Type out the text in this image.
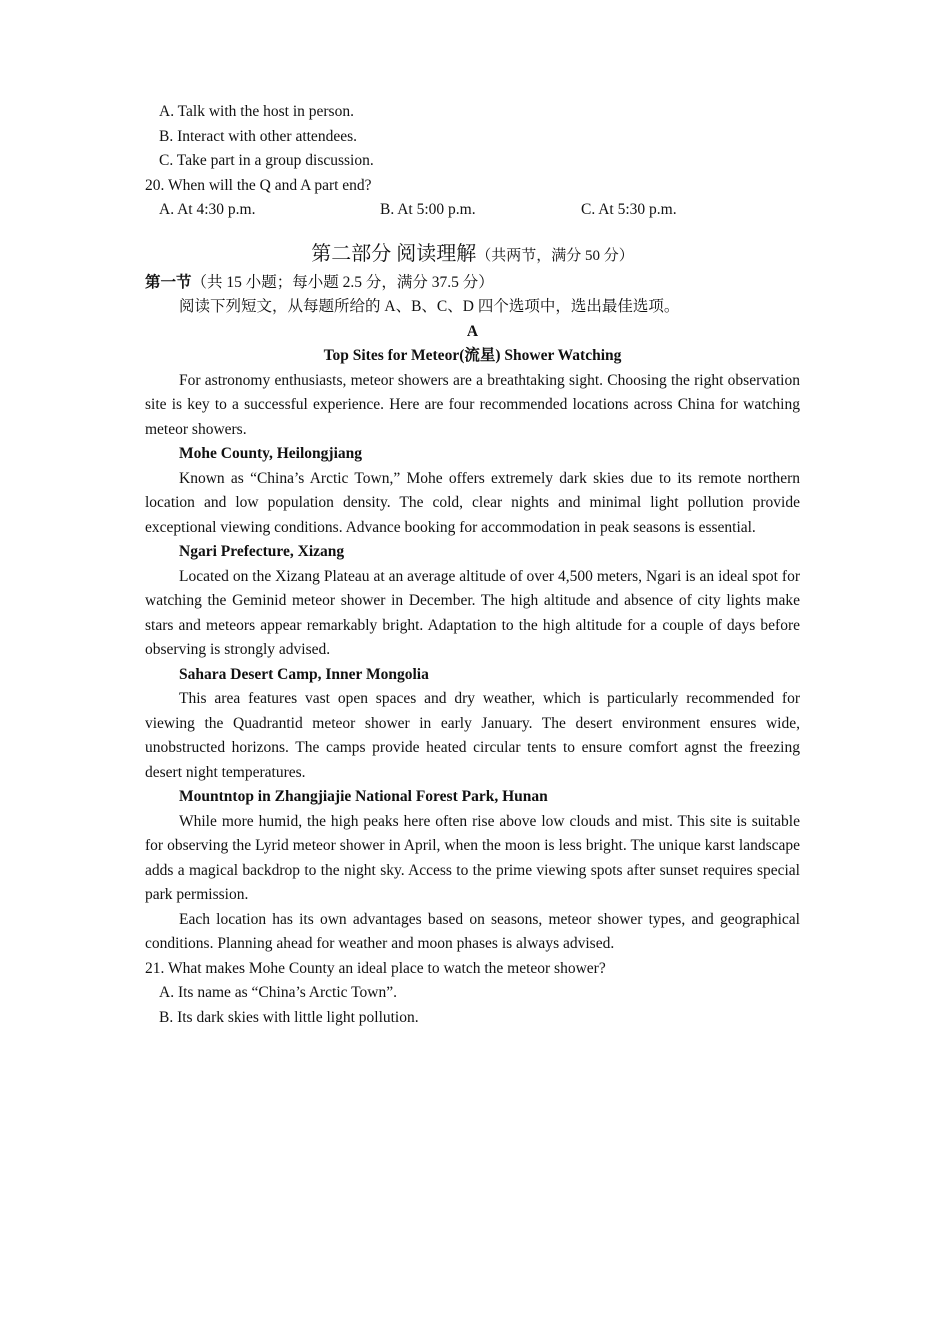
A. Talk with the host in person.
B. Interact with other attendees.
C. Take part in a group discussion.
20. When will the Q and A part end?
A. At 4:30 p.m.	B. At 5:00 p.m.	C. At 5:30 p.m.
第二部分 阅读理解（共两节，满分 50 分）
第一节（共 15 小题；每小题 2.5 分，满分 37.5 分）
阅读下列短文，从每题所给的 A、B、C、D 四个选项中，选出最佳选项。
A
Top Sites for Meteor(流星) Shower Watching
For astronomy enthusiasts, meteor showers are a breathtaking sight. Choosing the right observation site is key to a successful experience. Here are four recommended locations across China for watching meteor showers.
Mohe County, Heilongjiang
Known as “China’s Arctic Town,” Mohe offers extremely dark skies due to its remote northern location and low population density. The cold, clear nights and minimal light pollution provide exceptional viewing conditions. Advance booking for accommodation in peak seasons is essential.
Ngari Prefecture, Xizang
Located on the Xizang Plateau at an average altitude of over 4,500 meters, Ngari is an ideal spot for watching the Geminid meteor shower in December. The high altitude and absence of city lights make stars and meteors appear remarkably bright. Adaptation to the high altitude for a couple of days before observing is strongly advised.
Sahara Desert Camp, Inner Mongolia
This area features vast open spaces and dry weather, which is particularly recommended for viewing the Quadrantid meteor shower in early January. The desert environment ensures wide, unobstructed horizons. The camps provide heated circular tents to ensure comfort agnst the freezing desert night temperatures.
Mountntop in Zhangjiajie National Forest Park, Hunan
While more humid, the high peaks here often rise above low clouds and mist. This site is suitable for observing the Lyrid meteor shower in April, when the moon is less bright. The unique karst landscape adds a magical backdrop to the night sky. Access to the prime viewing spots after sunset requires special park permission.
Each location has its own advantages based on seasons, meteor shower types, and geographical conditions. Planning ahead for weather and moon phases is always advised.
21. What makes Mohe County an ideal place to watch the meteor shower?
A. Its name as “China’s Arctic Town”.
B. Its dark skies with little light pollution.
